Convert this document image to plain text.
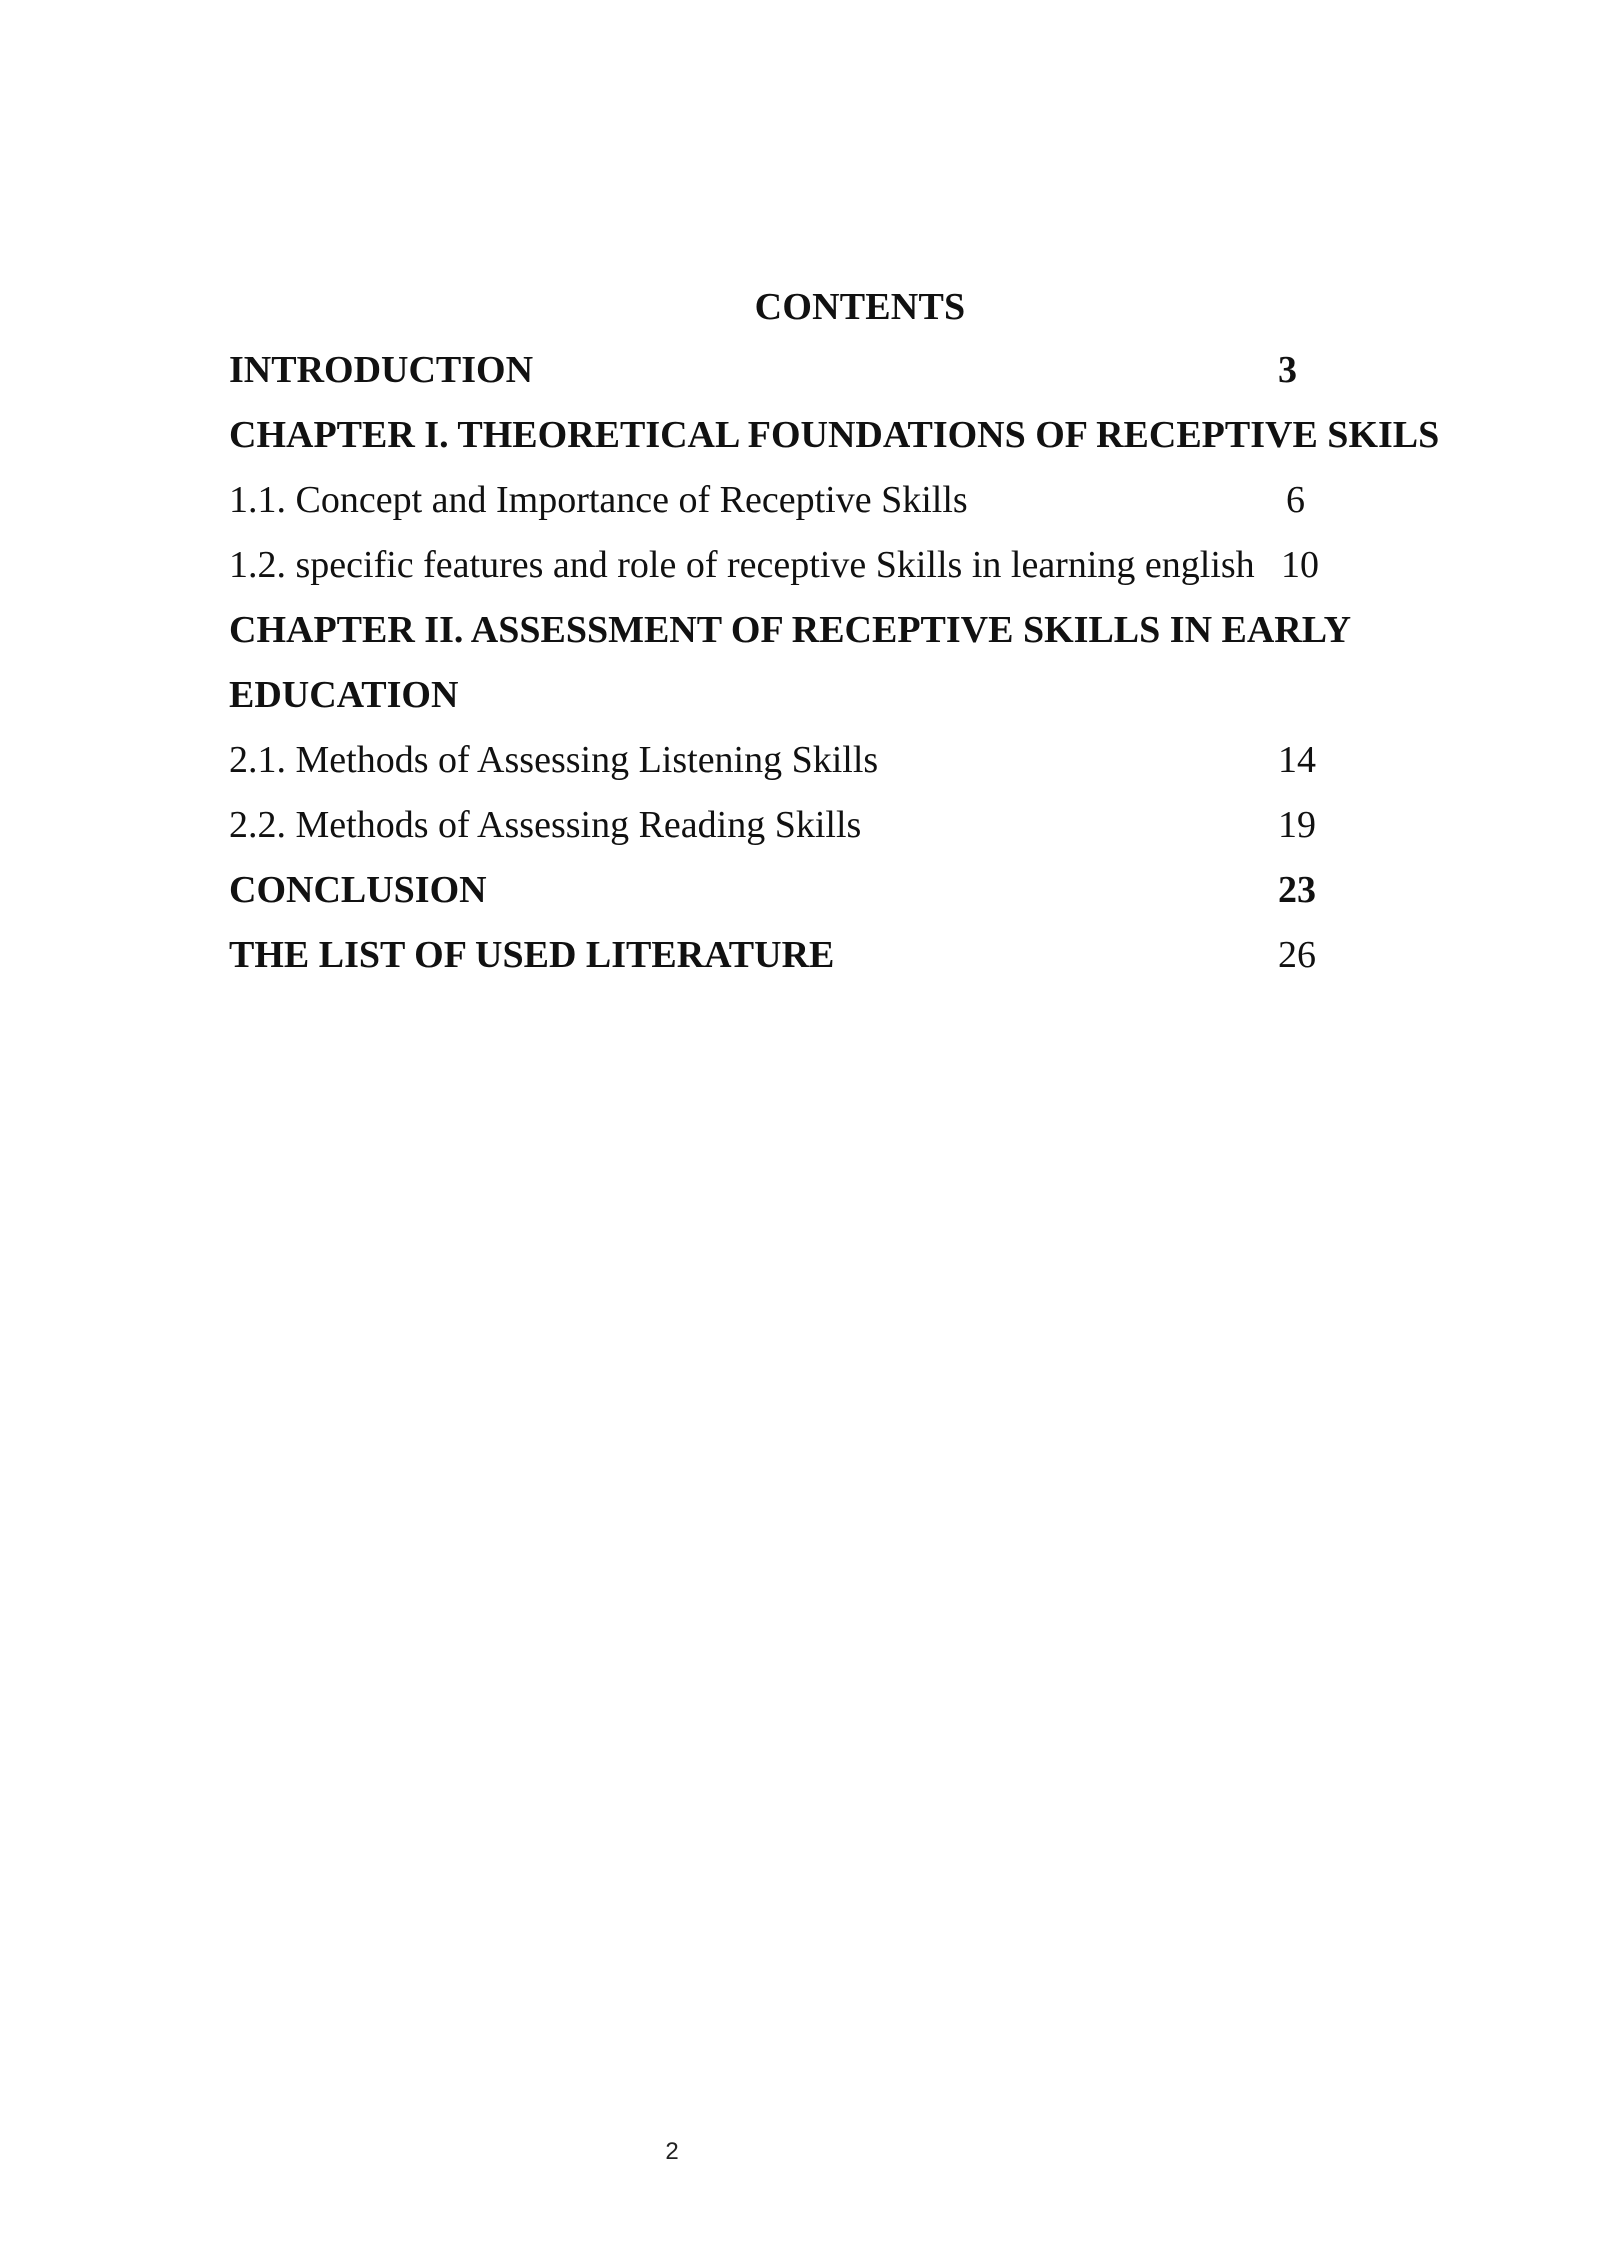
CONTENTS
INTRODUCTION	3
CHAPTER I. THEORETICAL FOUNDATIONS OF RECEPTIVE SKILS
1.1. Concept and Importance of Receptive Skills	6
1.2. specific features and role of receptive Skills in learning english 10
CHAPTER II. ASSESSMENT OF RECEPTIVE SKILLS IN EARLY
EDUCATION
2.1. Methods of Assessing Listening Skills	14
2.2. Methods of Assessing Reading Skills	19
CONCLUSION	23
THE LIST OF USED LITERATURE	26
2
